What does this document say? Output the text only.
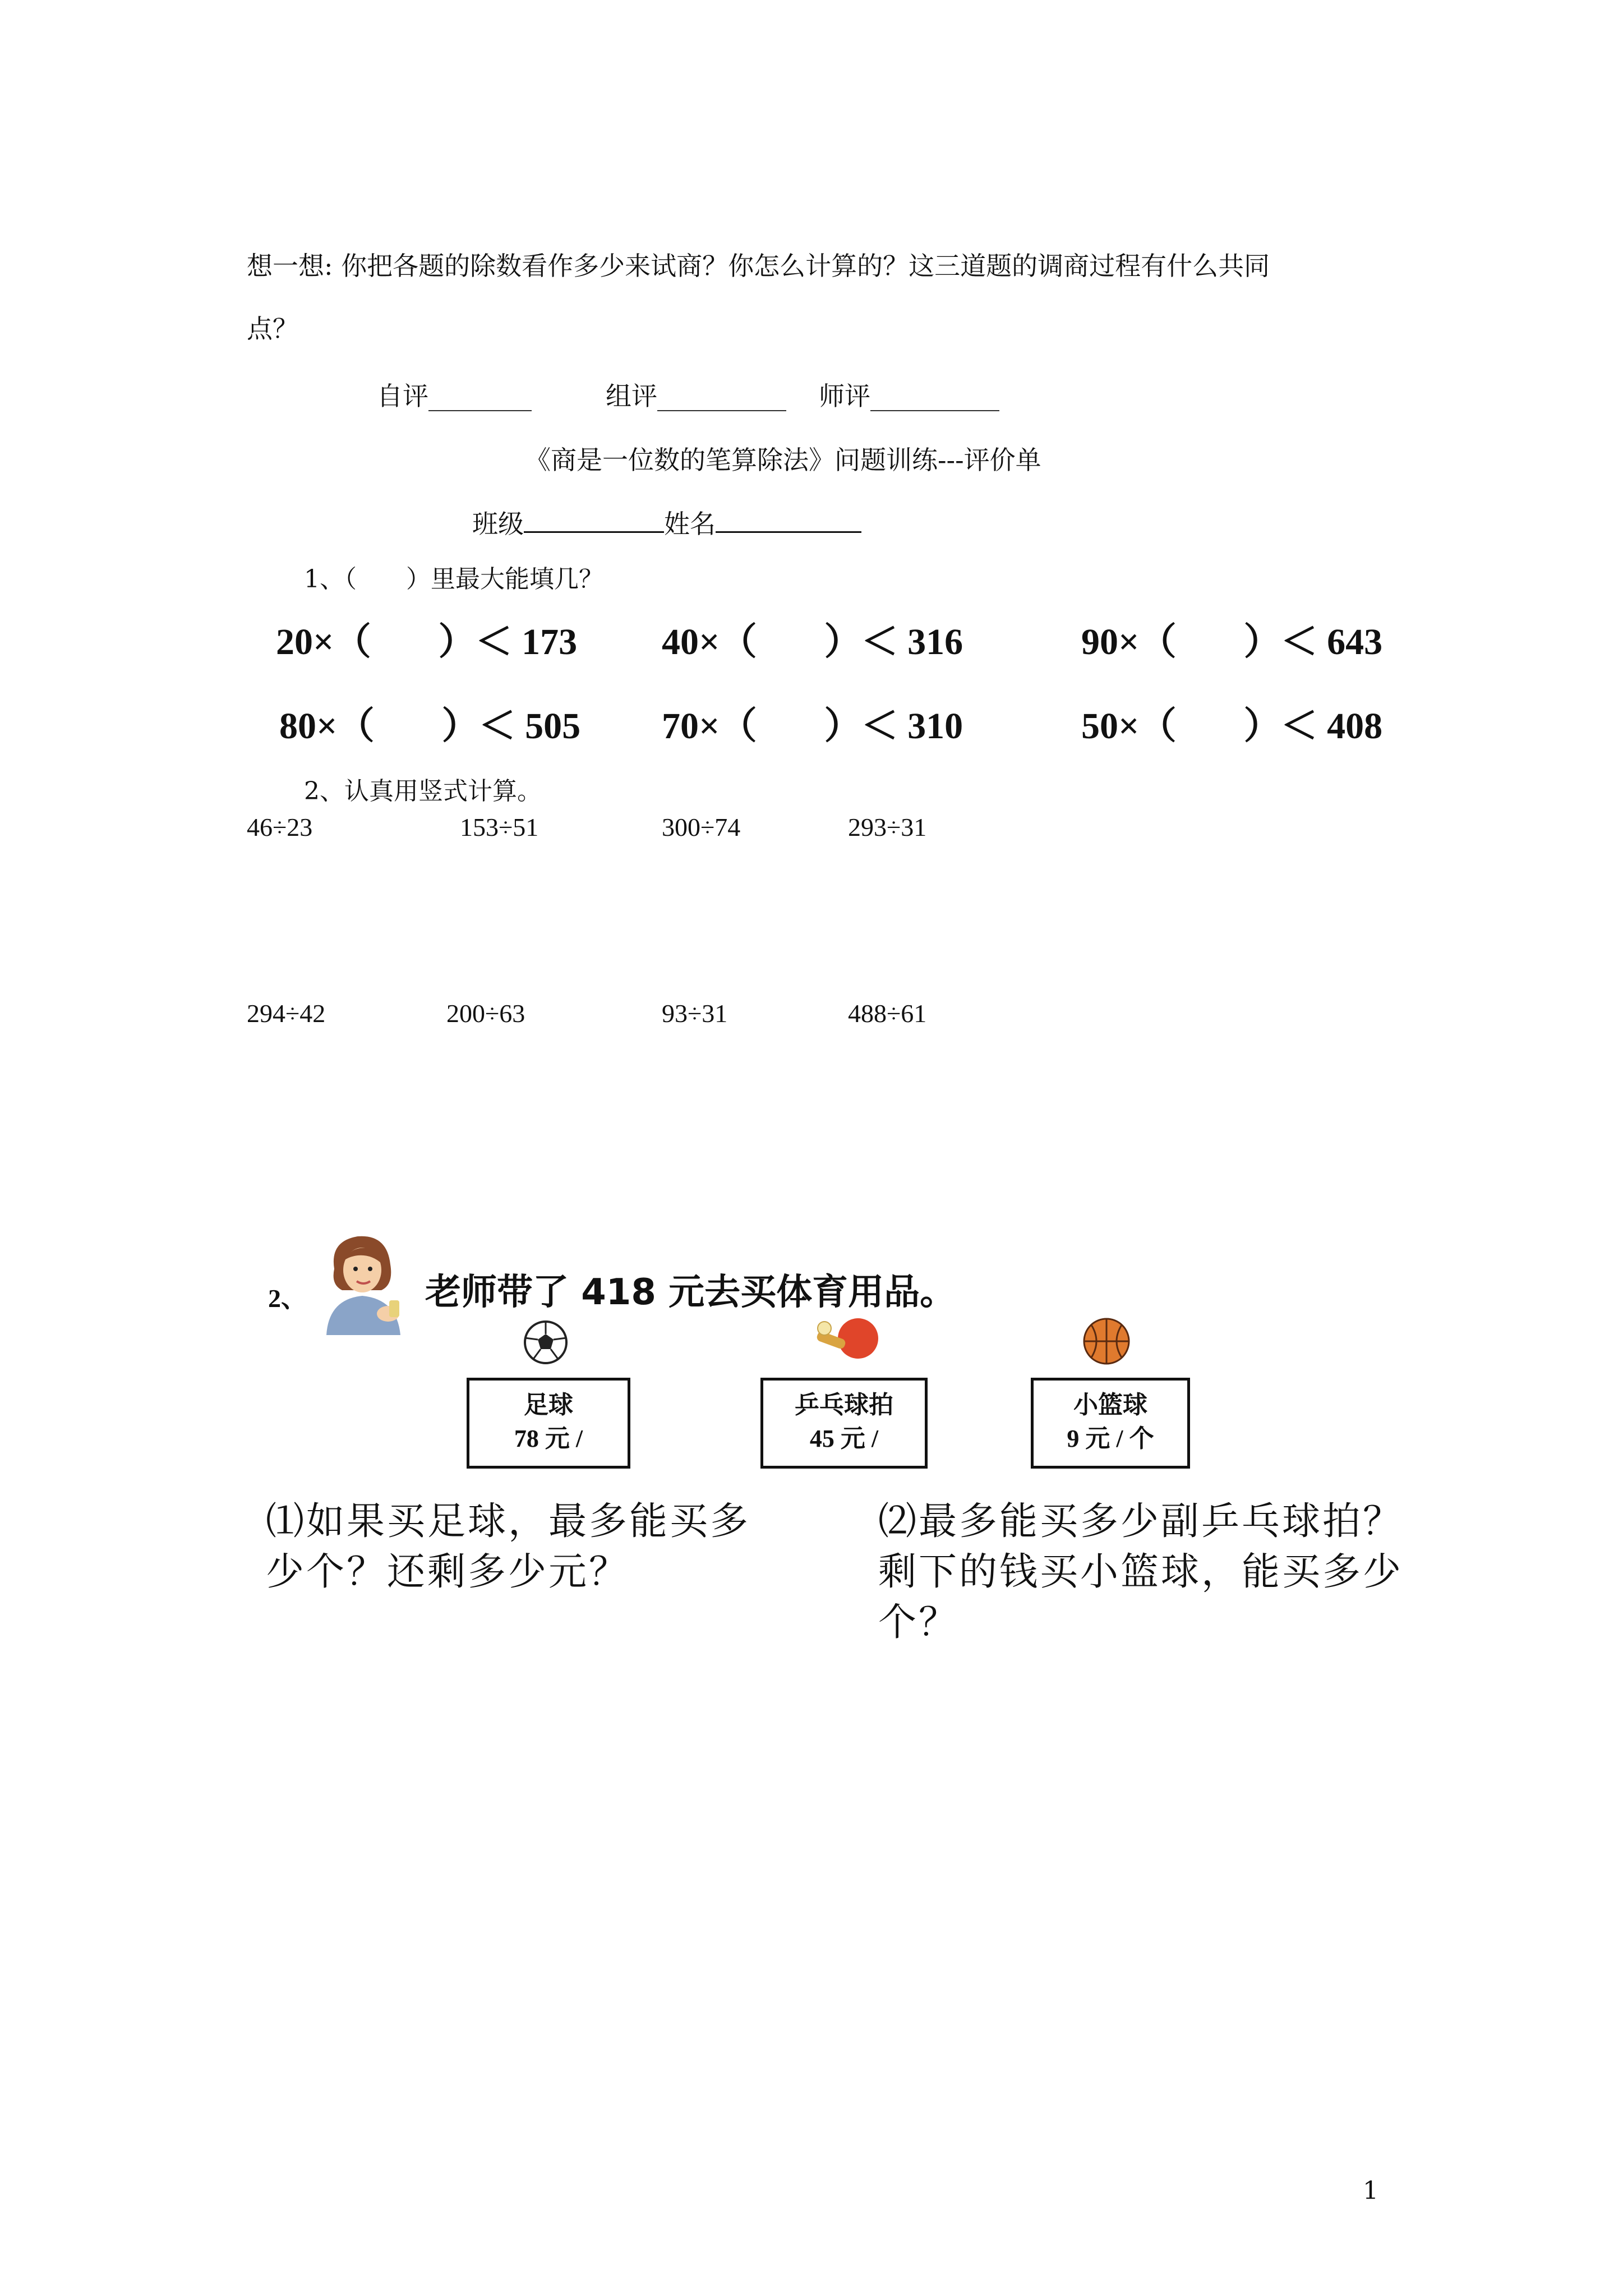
想一想: 你把各题的除数看作多少来试商？你怎么计算的？这三道题的调商过程有什么共同
点？
自评________	组评__________ 师评__________
《商是一位数的笔算除法》问题训练---评价单
班级	姓名
1、（　　）里最大能填几？
20×（ ）＜ 173 40×（ ）＜ 316	90×（ ）＜ 643
80×（ ）＜ 505 70×（ ）＜ 310	50×（ ）＜ 408
2、认真用竖式计算。
46÷23	153÷51	300÷74	293÷31
294÷42	200÷63	93÷31	488÷61
2、	老师带了 418 元去买体育用品。
足球
78 元 /
乒乓球拍
45 元 /
小篮球
9 元 / 个
⑴如果买足球，最多能买多少个？还剩多少元？
⑵最多能买多少副乒乓球拍？剩下的钱买小篮球，能买多少个？
1
